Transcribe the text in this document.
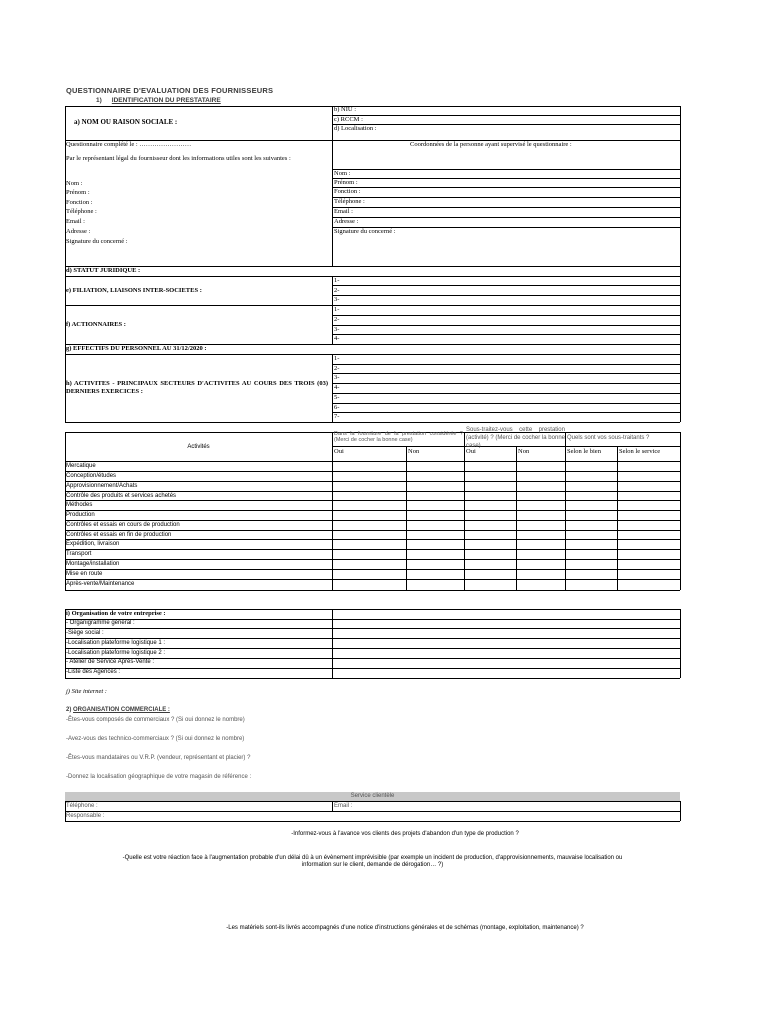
QUESTIONNAIRE D'EVALUATION DES FOURNISSEURS
1) IDENTIFICATION DU PRESTATAIRE
a) NOM OU RAISON SOCIALE :
b) NIU :
c) RCCM :
d) Localisation :
Questionnaire complété le : ……………………
Par le représentant légal du fournisseur dont les informations utiles sont les suivantes :
Nom :
Prénom :
Fonction :
Téléphone :
Email :
Adresse :
Signature du concerné :
Coordonnées de la personne ayant supervisé le questionnaire :
Nom :
Prénom :
Fonction :
Téléphone :
Email :
Adresse :
Signature du concerné :
d) STATUT JURIDIQUE :
e) FILIATION, LIAISONS INTER-SOCIETES :
1-
2-
3-
f) ACTIONNAIRES :
1-
2-
3-
4-
g) EFFECTIFS DU PERSONNEL AU 31/12/2020 :
h) ACTIVITES - PRINCIPAUX SECTEURS D'ACTIVITES AU COURS DES TROIS (03) DERNIERS EXERCICES :
1-
2-
3-
4-
5-
6-
7-
Activités
Dans la fourniture de la prestation considérée ? (Merci de cocher la bonne case)
Sous-traitez-vous cette prestation (activité) ? (Merci de cocher la bonne case)
Quels sont vos sous-traitants ?
Oui	Non	Oui	Non	Selon le bien	Selon le service
Mercatique
Conception/études
Approvisionnement/Achats
Contrôle des produits et services achetés
Méthodes
Production
Contrôles et essais en cours de production
Contrôles et essais en fin de production
Expédition, livraison
Transport
Montage/installation
Mise en route
Après-vente/Maintenance
i) Organisation de votre entreprise :
- Organigramme général :
-Siège social :
-Localisation plateforme logistique 1 :
-Localisation plateforme logistique 2 :
- Atelier de Service Après-Vente :
-Liste des Agences :
j) Site internet :
2) ORGANISATION COMMERCIALE :
-Êtes-vous composés de commerciaux ? (Si oui donnez le nombre)
-Avez-vous des technico-commerciaux ? (Si oui donnez le nombre)
-Êtes-vous mandataires ou V.R.P. (vendeur, représentant et placier) ?
-Donnez la localisation géographique de votre magasin de référence :
Service clientèle
Téléphone :	Email :
Responsable :
-Informez-vous à l'avance vos clients des projets d'abandon d'un type de production ?
-Quelle est votre réaction face à l'augmentation probable d'un délai dû à un évènement imprévisible (par exemple un incident de production, d'approvisionnements, mauvaise localisation ou
information sur le client, demande de dérogation… ?)
-Les matériels sont-ils livrés accompagnés d'une notice d'instructions générales et de schémas (montage, exploitation, maintenance) ?
